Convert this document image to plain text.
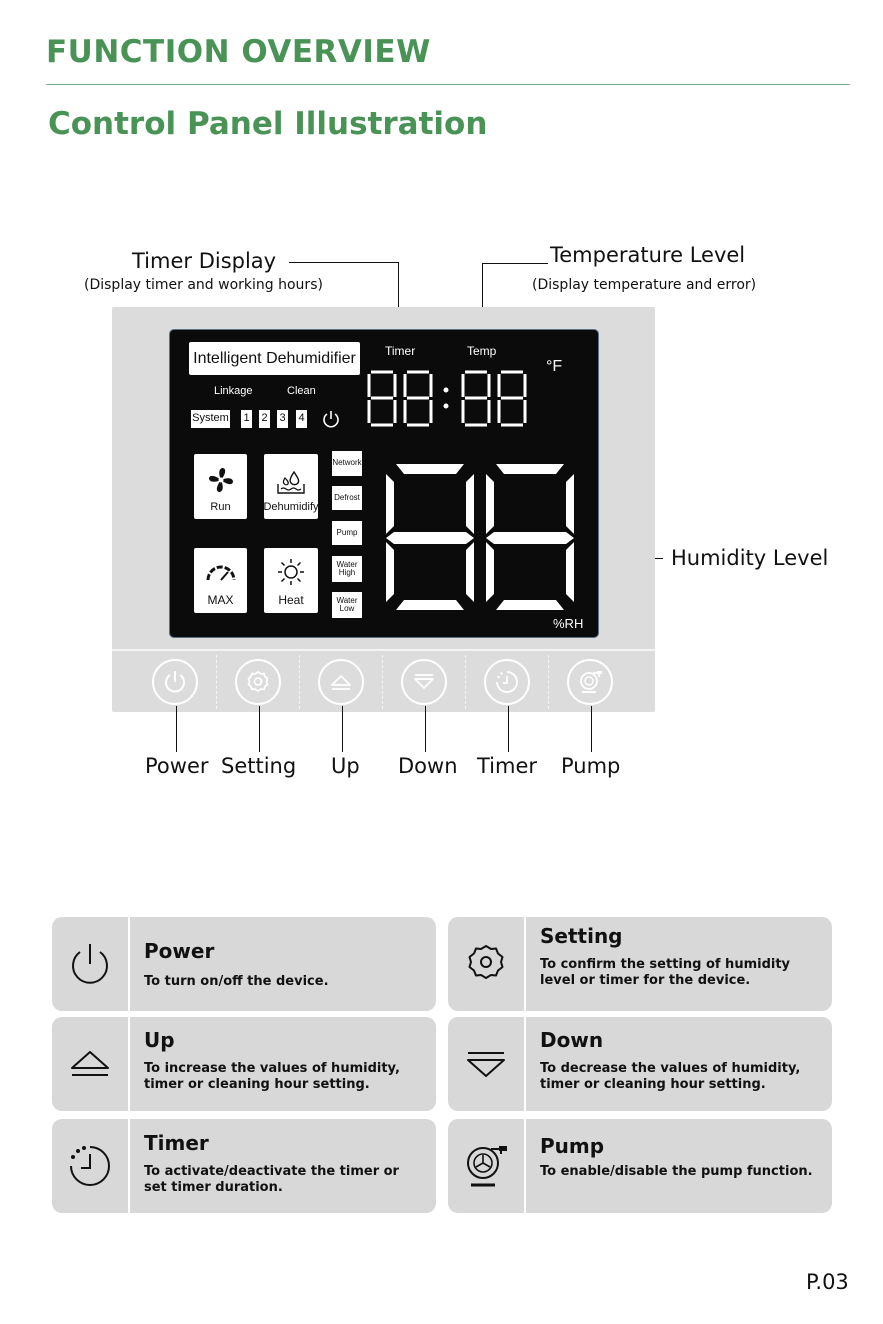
FUNCTION OVERVIEW
Control Panel Illustration
Timer Display
(Display timer and working hours)
Temperature Level
(Display temperature and error)
Humidity Level
Intelligent Dehumidifier	Timer	Temp
°F
Linkage	Clean
System 1 2 3 4
Run	Dehumidify
MAX	Heat
Network
Defrost
Pump
Water High
Water Low
%RH
Power Setting Up Down Timer Pump
Power
To turn on/off the device.
Setting
To confirm the setting of humidity level or timer for the device.
Up
To increase the values of humidity, timer or cleaning hour setting.
Down
To decrease the values of humidity, timer or cleaning hour setting.
Timer
To activate/deactivate the timer or set timer duration.
Pump
To enable/disable the pump function.
P.03
